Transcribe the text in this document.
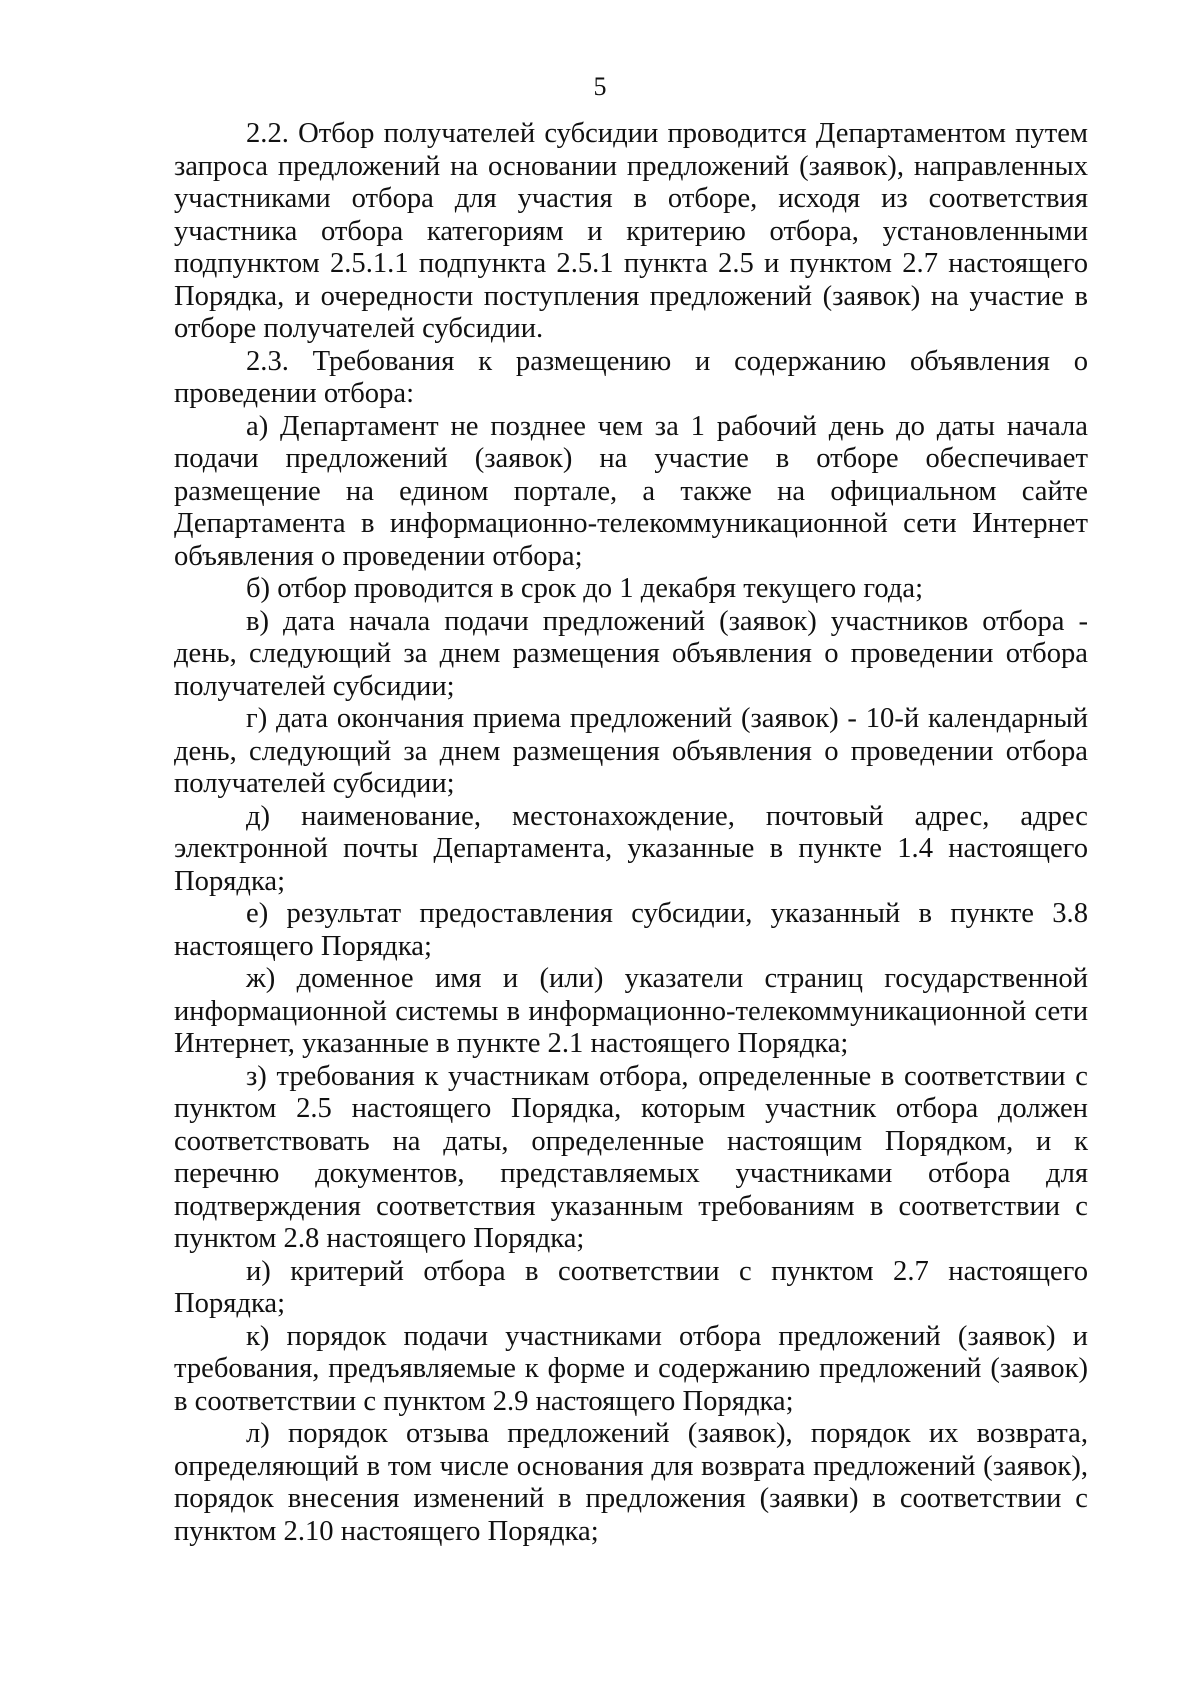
5

2.2. Отбор получателей субсидии проводится Департаментом путем запроса предложений на основании предложений (заявок), направленных участниками отбора для участия в отборе, исходя из соответствия участника отбора категориям и критерию отбора, установленными подпунктом 2.5.1.1 подпункта 2.5.1 пункта 2.5 и пунктом 2.7 настоящего Порядка, и очередности поступления предложений (заявок) на участие в отборе получателей субсидии.

2.3. Требования к размещению и содержанию объявления о проведении отбора:

а) Департамент не позднее чем за 1 рабочий день до даты начала подачи предложений (заявок) на участие в отборе обеспечивает размещение на едином портале, а также на официальном сайте Департамента в информационно-телекоммуникационной сети Интернет объявления о проведении отбора;

б) отбор проводится в срок до 1 декабря текущего года;

в) дата начала подачи предложений (заявок) участников отбора - день, следующий за днем размещения объявления о проведении отбора получателей субсидии;

г) дата окончания приема предложений (заявок) - 10-й календарный день, следующий за днем размещения объявления о проведении отбора получателей субсидии;

д) наименование, местонахождение, почтовый адрес, адрес электронной почты Департамента, указанные в пункте 1.4 настоящего Порядка;

е) результат предоставления субсидии, указанный в пункте 3.8 настоящего Порядка;

ж) доменное имя и (или) указатели страниц государственной информационной системы в информационно-телекоммуникационной сети Интернет, указанные в пункте 2.1 настоящего Порядка;

з) требования к участникам отбора, определенные в соответствии с пунктом 2.5 настоящего Порядка, которым участник отбора должен соответствовать на даты, определенные настоящим Порядком, и к перечню документов, представляемых участниками отбора для подтверждения соответствия указанным требованиям в соответствии с пунктом 2.8 настоящего Порядка;

и) критерий отбора в соответствии с пунктом 2.7 настоящего Порядка;

к) порядок подачи участниками отбора предложений (заявок) и требования, предъявляемые к форме и содержанию предложений (заявок) в соответствии с пунктом 2.9 настоящего Порядка;

л) порядок отзыва предложений (заявок), порядок их возврата, определяющий в том числе основания для возврата предложений (заявок), порядок внесения изменений в предложения (заявки) в соответствии с пунктом 2.10 настоящего Порядка;
